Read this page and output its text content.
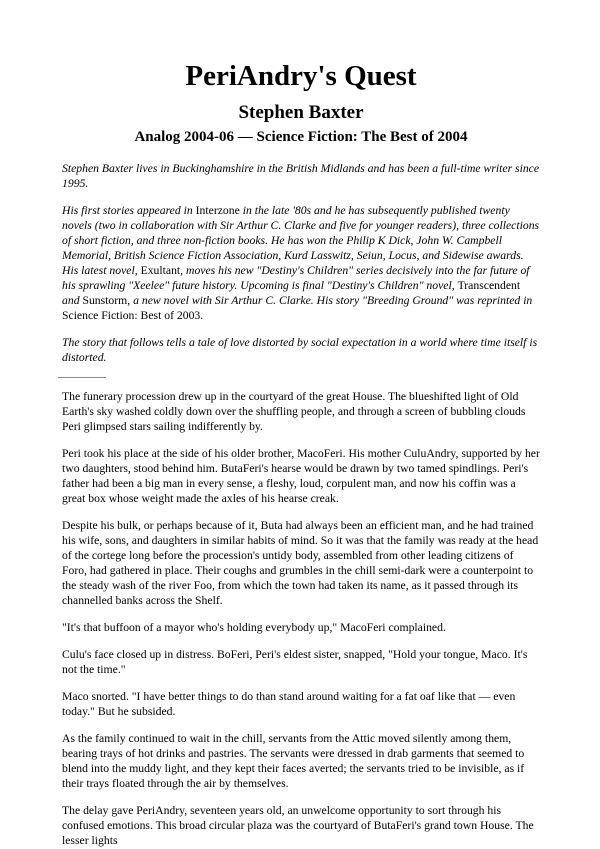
PeriAndry's Quest
Stephen Baxter
Analog 2004-06 — Science Fiction: The Best of 2004

Stephen Baxter lives in Buckinghamshire in the British Midlands and has been a full-time writer since 1995.

His first stories appeared in Interzone in the late '80s and he has subsequently published twenty novels (two in collaboration with Sir Arthur C. Clarke and five for younger readers), three collections of short fiction, and three non-fiction books. He has won the Philip K Dick, John W. Campbell Memorial, British Science Fiction Association, Kurd Lasswitz, Seiun, Locus, and Sidewise awards. His latest novel, Exultant, moves his new "Destiny's Children" series decisively into the far future of his sprawling "Xeelee" future history. Upcoming is final "Destiny's Children" novel, Transcendent and Sunstorm, a new novel with Sir Arthur C. Clarke. His story "Breeding Ground" was reprinted in Science Fiction: Best of 2003.

The story that follows tells a tale of love distorted by social expectation in a world where time itself is distorted.

The funerary procession drew up in the courtyard of the great House. The blueshifted light of Old Earth's sky washed coldly down over the shuffling people, and through a screen of bubbling clouds Peri glimpsed stars sailing indifferently by.

Peri took his place at the side of his older brother, MacoFeri. His mother CuluAndry, supported by her two daughters, stood behind him. ButaFeri's hearse would be drawn by two tamed spindlings. Peri's father had been a big man in every sense, a fleshy, loud, corpulent man, and now his coffin was a great box whose weight made the axles of his hearse creak.

Despite his bulk, or perhaps because of it, Buta had always been an efficient man, and he had trained his wife, sons, and daughters in similar habits of mind. So it was that the family was ready at the head of the cortege long before the procession's untidy body, assembled from other leading citizens of Foro, had gathered in place. Their coughs and grumbles in the chill semi-dark were a counterpoint to the steady wash of the river Foo, from which the town had taken its name, as it passed through its channelled banks across the Shelf.

"It's that buffoon of a mayor who's holding everybody up," MacoFeri complained.

Culu's face closed up in distress. BoFeri, Peri's eldest sister, snapped, "Hold your tongue, Maco. It's not the time."

Maco snorted. "I have better things to do than stand around waiting for a fat oaf like that — even today." But he subsided.

As the family continued to wait in the chill, servants from the Attic moved silently among them, bearing trays of hot drinks and pastries. The servants were dressed in drab garments that seemed to blend into the muddy light, and they kept their faces averted; the servants tried to be invisible, as if their trays floated through the air by themselves.

The delay gave PeriAndry, seventeen years old, an unwelcome opportunity to sort through his confused emotions. This broad circular plaza was the courtyard of ButaFeri's grand town House. The lesser lights
